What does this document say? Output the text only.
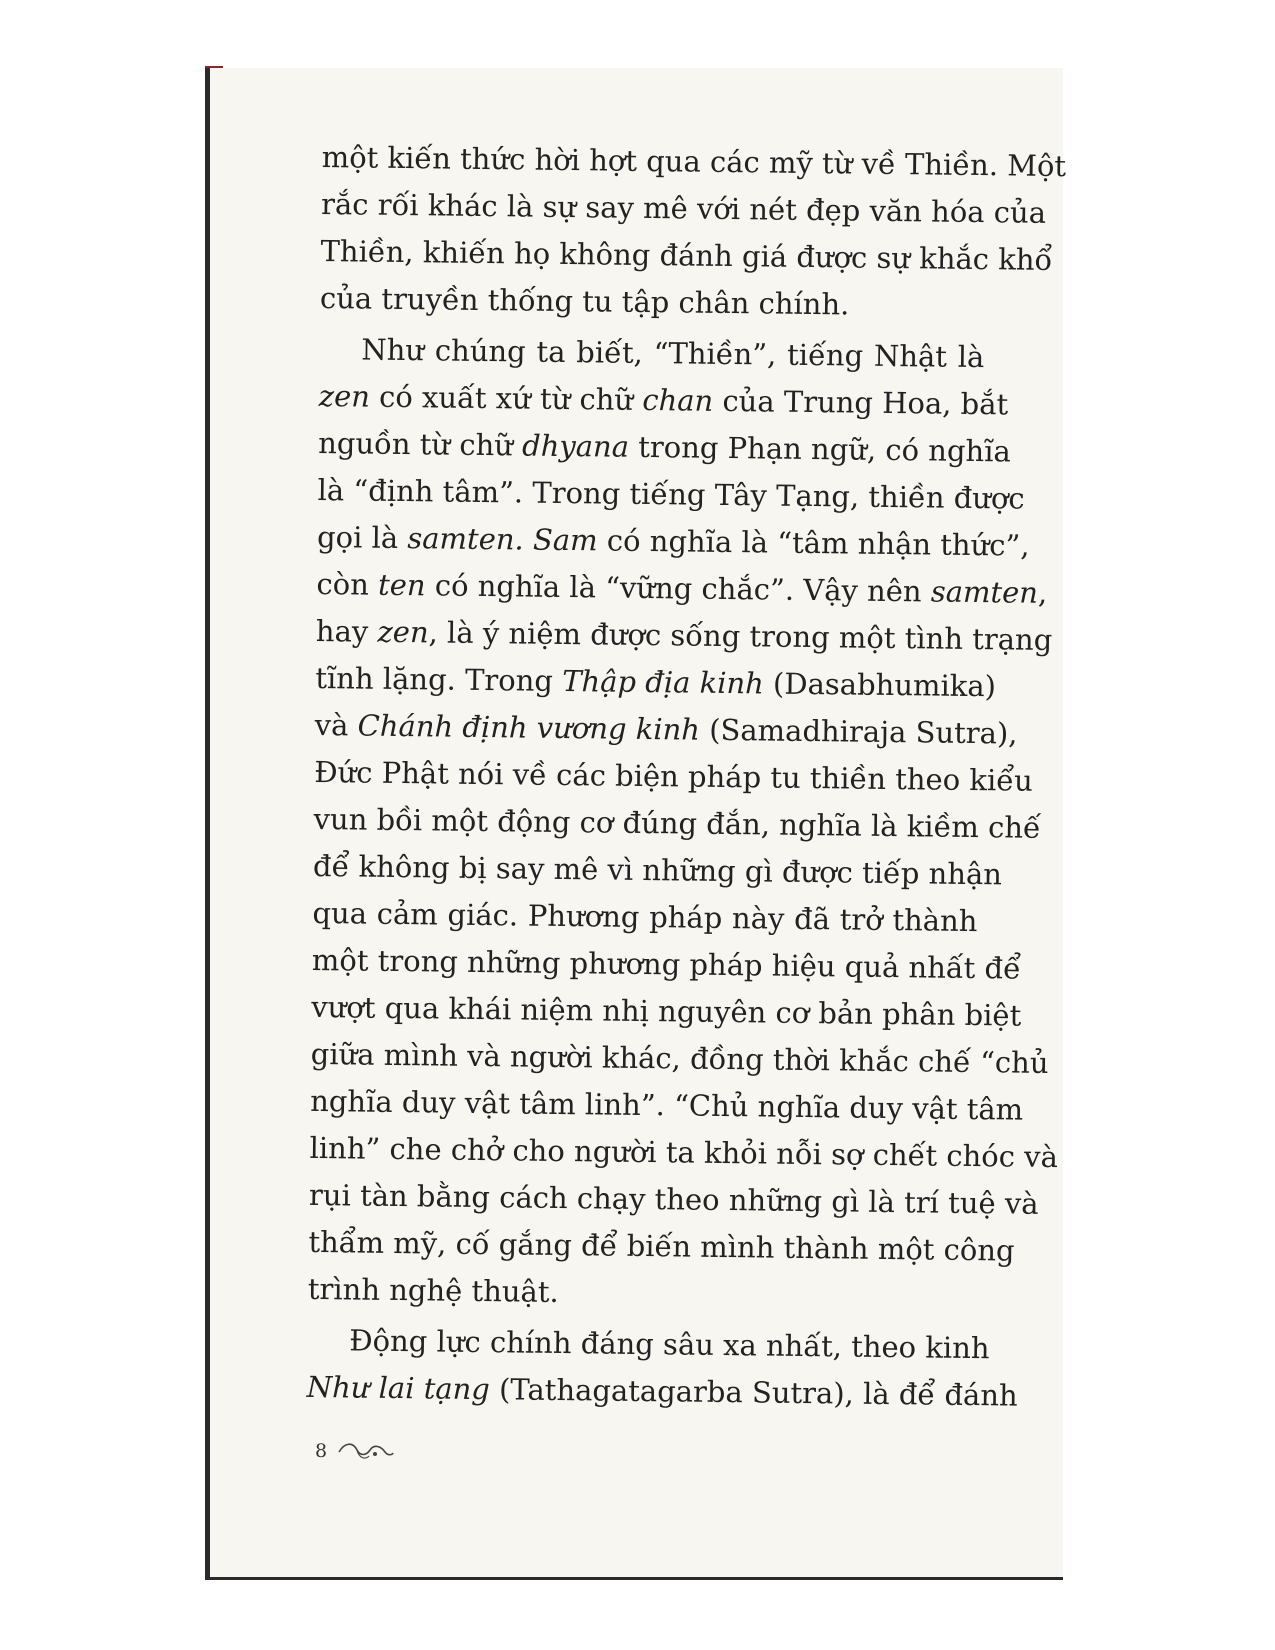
một kiến thức hời hợt qua các mỹ từ về Thiền. Một
rắc rối khác là sự say mê với nét đẹp văn hóa của
Thiền, khiến họ không đánh giá được sự khắc khổ
của truyền thống tu tập chân chính.
Như chúng ta biết, “Thiền”, tiếng Nhật là
zen có xuất xứ từ chữ chan của Trung Hoa, bắt
nguồn từ chữ dhyana trong Phạn ngữ, có nghĩa
là “định tâm”. Trong tiếng Tây Tạng, thiền được
gọi là samten. Sam có nghĩa là “tâm nhận thức”,
còn ten có nghĩa là “vững chắc”. Vậy nên samten,
hay zen, là ý niệm được sống trong một tình trạng
tĩnh lặng. Trong Thập địa kinh (Dasabhumika)
và Chánh định vương kinh (Samadhiraja Sutra),
Đức Phật nói về các biện pháp tu thiền theo kiểu
vun bồi một động cơ đúng đắn, nghĩa là kiềm chế
để không bị say mê vì những gì được tiếp nhận
qua cảm giác. Phương pháp này đã trở thành
một trong những phương pháp hiệu quả nhất để
vượt qua khái niệm nhị nguyên cơ bản phân biệt
giữa mình và người khác, đồng thời khắc chế “chủ
nghĩa duy vật tâm linh”. “Chủ nghĩa duy vật tâm
linh” che chở cho người ta khỏi nỗi sợ chết chóc và
rụi tàn bằng cách chạy theo những gì là trí tuệ và
thẩm mỹ, cố gắng để biến mình thành một công
trình nghệ thuật.
Động lực chính đáng sâu xa nhất, theo kinh
Như lai tạng (Tathagatagarba Sutra), là để đánh
8
